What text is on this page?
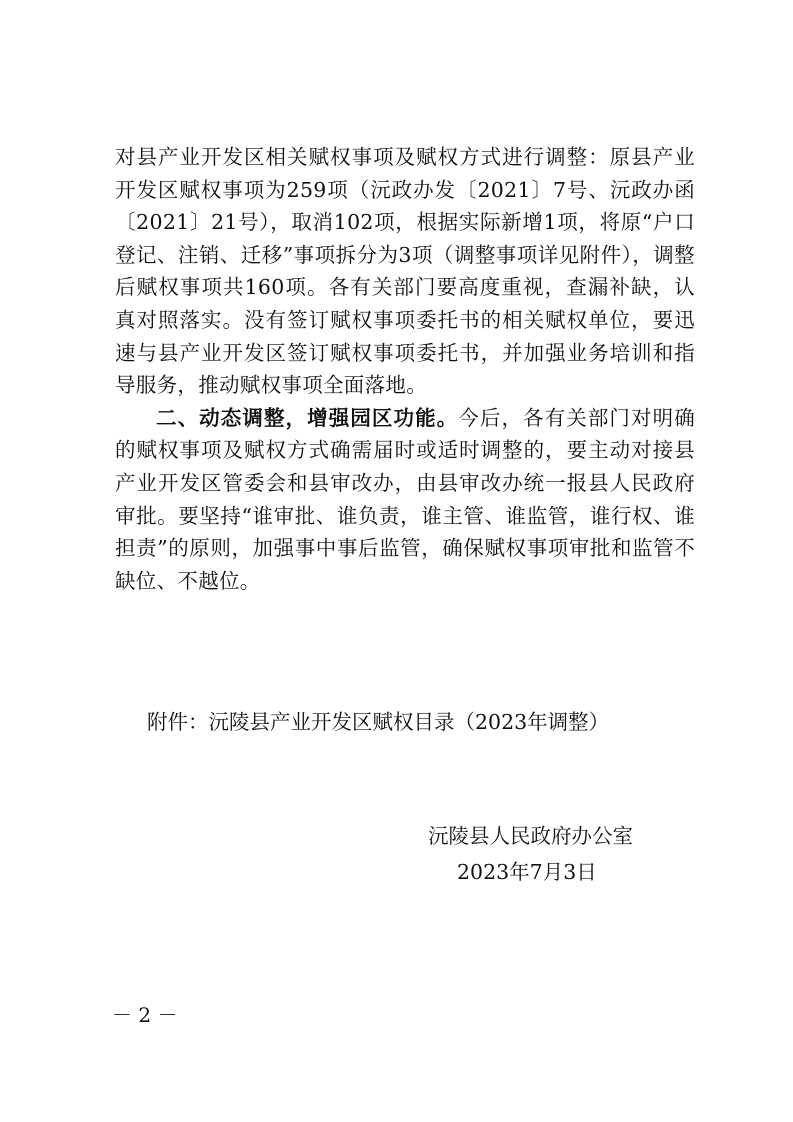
对县产业开发区相关赋权事项及赋权方式进行调整：原县产业开发区赋权事项为259项（沅政办发〔2021〕7号、沅政办函〔2021〕21号），取消102项，根据实际新增1项，将原“户口登记、注销、迁移”事项拆分为3项（调整事项详见附件），调整后赋权事项共160项。各有关部门要高度重视，查漏补缺，认真对照落实。没有签订赋权事项委托书的相关赋权单位，要迅速与县产业开发区签订赋权事项委托书，并加强业务培训和指导服务，推动赋权事项全面落地。

二、动态调整，增强园区功能。今后，各有关部门对明确的赋权事项及赋权方式确需届时或适时调整的，要主动对接县产业开发区管委会和县审改办，由县审改办统一报县人民政府审批。要坚持“谁审批、谁负责，谁主管、谁监管，谁行权、谁担责”的原则，加强事中事后监管，确保赋权事项审批和监管不缺位、不越位。

附件：沅陵县产业开发区赋权目录（2023年调整）
沅陵县人民政府办公室
2023年7月3日
－ 2 －
